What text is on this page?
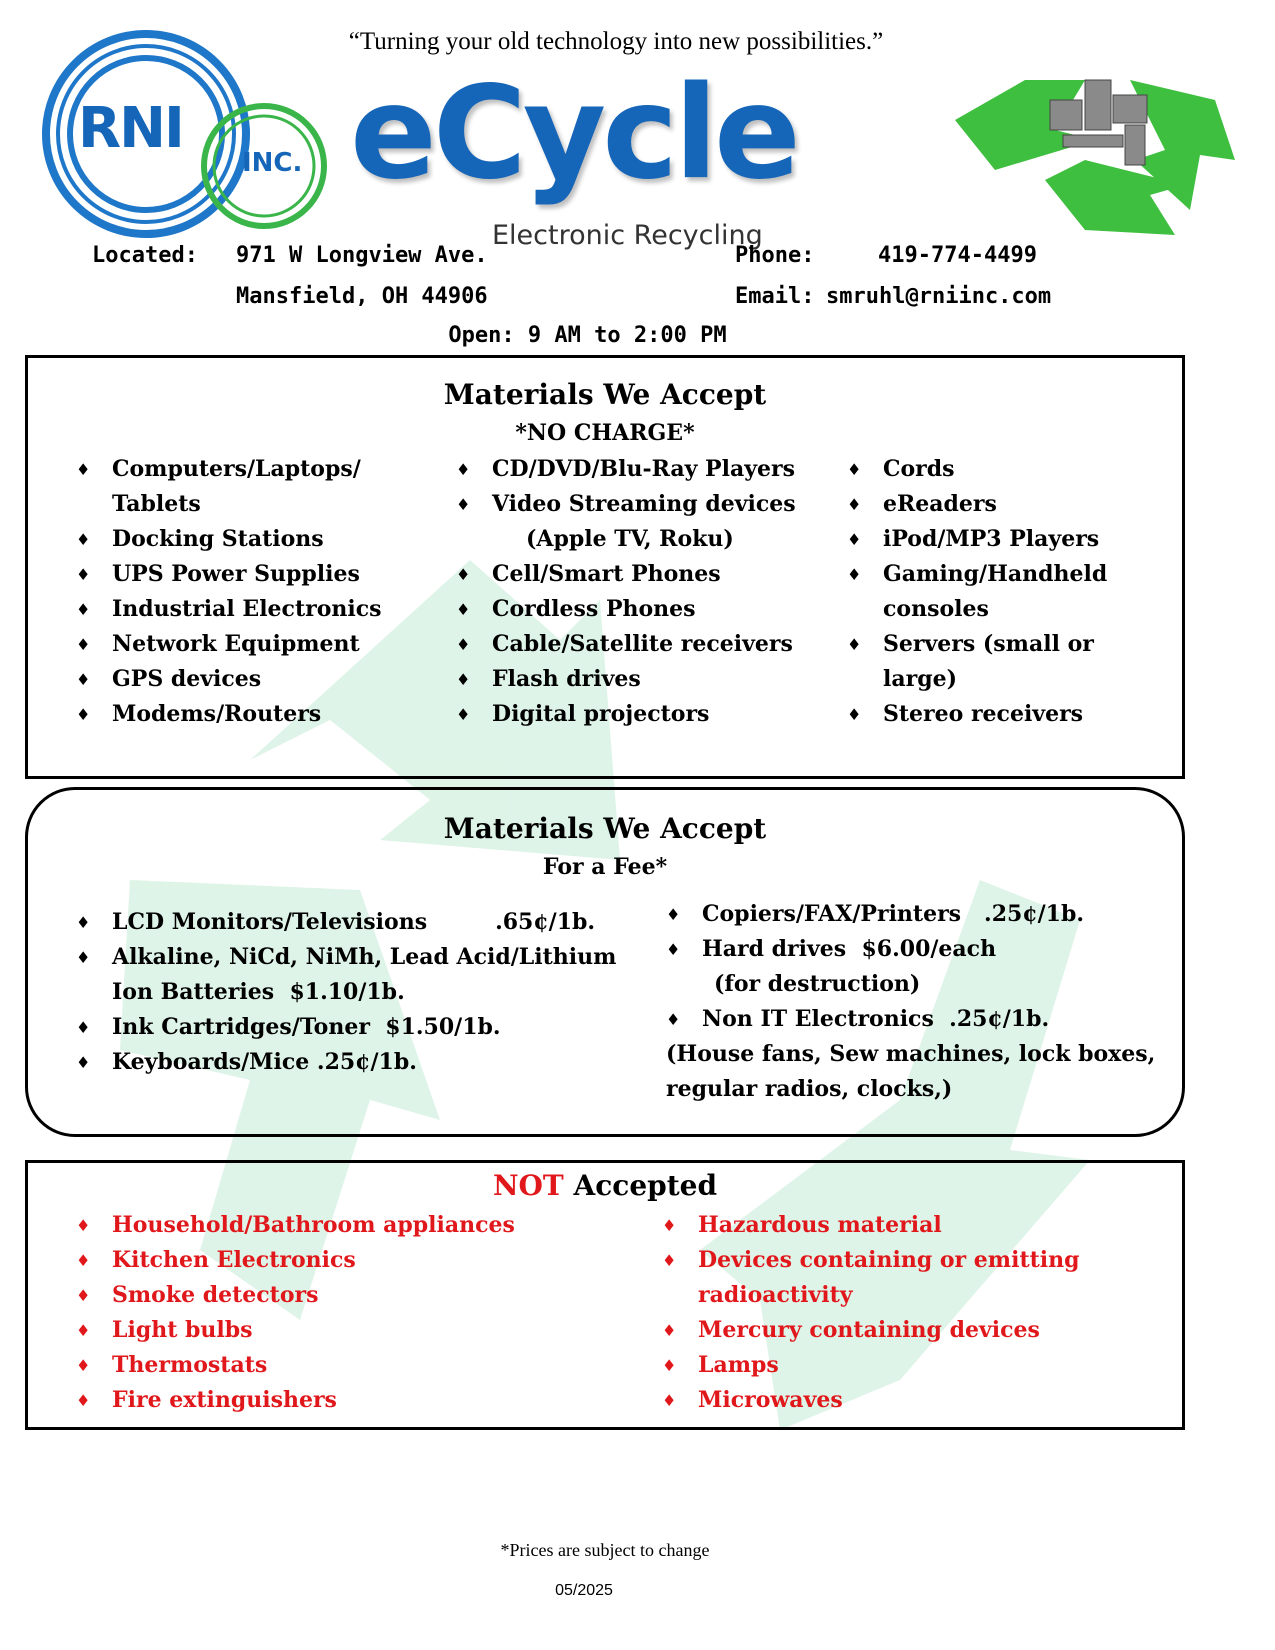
“Turning your old technology into new possibilities.”
RNI
INC. eCycle
Electronic Recycling
Located: 971 W Longview Ave.
Mansfield, OH 44906
Phone:	419-774-4499
Email: smruhl@rniinc.com
Open: 9 AM to 2:00 PM
Materials We Accept
*NO CHARGE*
♦ Computers/Laptops/ Tablets
♦ Docking Stations
♦ UPS Power Supplies
♦ Industrial Electronics
♦ Network Equipment
♦ GPS devices
♦ Modems/Routers
♦ CD/DVD/Blu-Ray Players
♦ Video Streaming devices
(Apple TV, Roku)
♦ Cell/Smart Phones
♦ Cordless Phones
♦ Cable/Satellite receivers
♦ Flash drives
♦ Digital projectors
♦ Cords
♦ eReaders
♦ iPod/MP3 Players
♦ Gaming/Handheld consoles
♦ Servers (small or large)
♦ Stereo receivers
Materials We Accept
For a Fee*
♦ LCD Monitors/Televisions	.65¢/1b.
♦ Alkaline, NiCd, NiMh, Lead Acid/Lithium Ion Batteries $1.10/1b.
♦ Ink Cartridges/Toner $1.50/1b.
♦ Keyboards/Mice .25¢/1b.
♦ Copiers/FAX/Printers .25¢/1b.
♦ Hard drives $6.00/each
(for destruction)
♦ Non IT Electronics .25¢/1b.
(House fans, Sew machines, lock boxes, regular radios, clocks,)
NOT Accepted
♦ Household/Bathroom appliances
♦ Kitchen Electronics
♦ Smoke detectors
♦ Light bulbs
♦ Thermostats
♦ Fire extinguishers
♦ Hazardous material
♦ Devices containing or emitting radioactivity
♦ Mercury containing devices
♦ Lamps
♦ Microwaves
*Prices are subject to change
05/2025
